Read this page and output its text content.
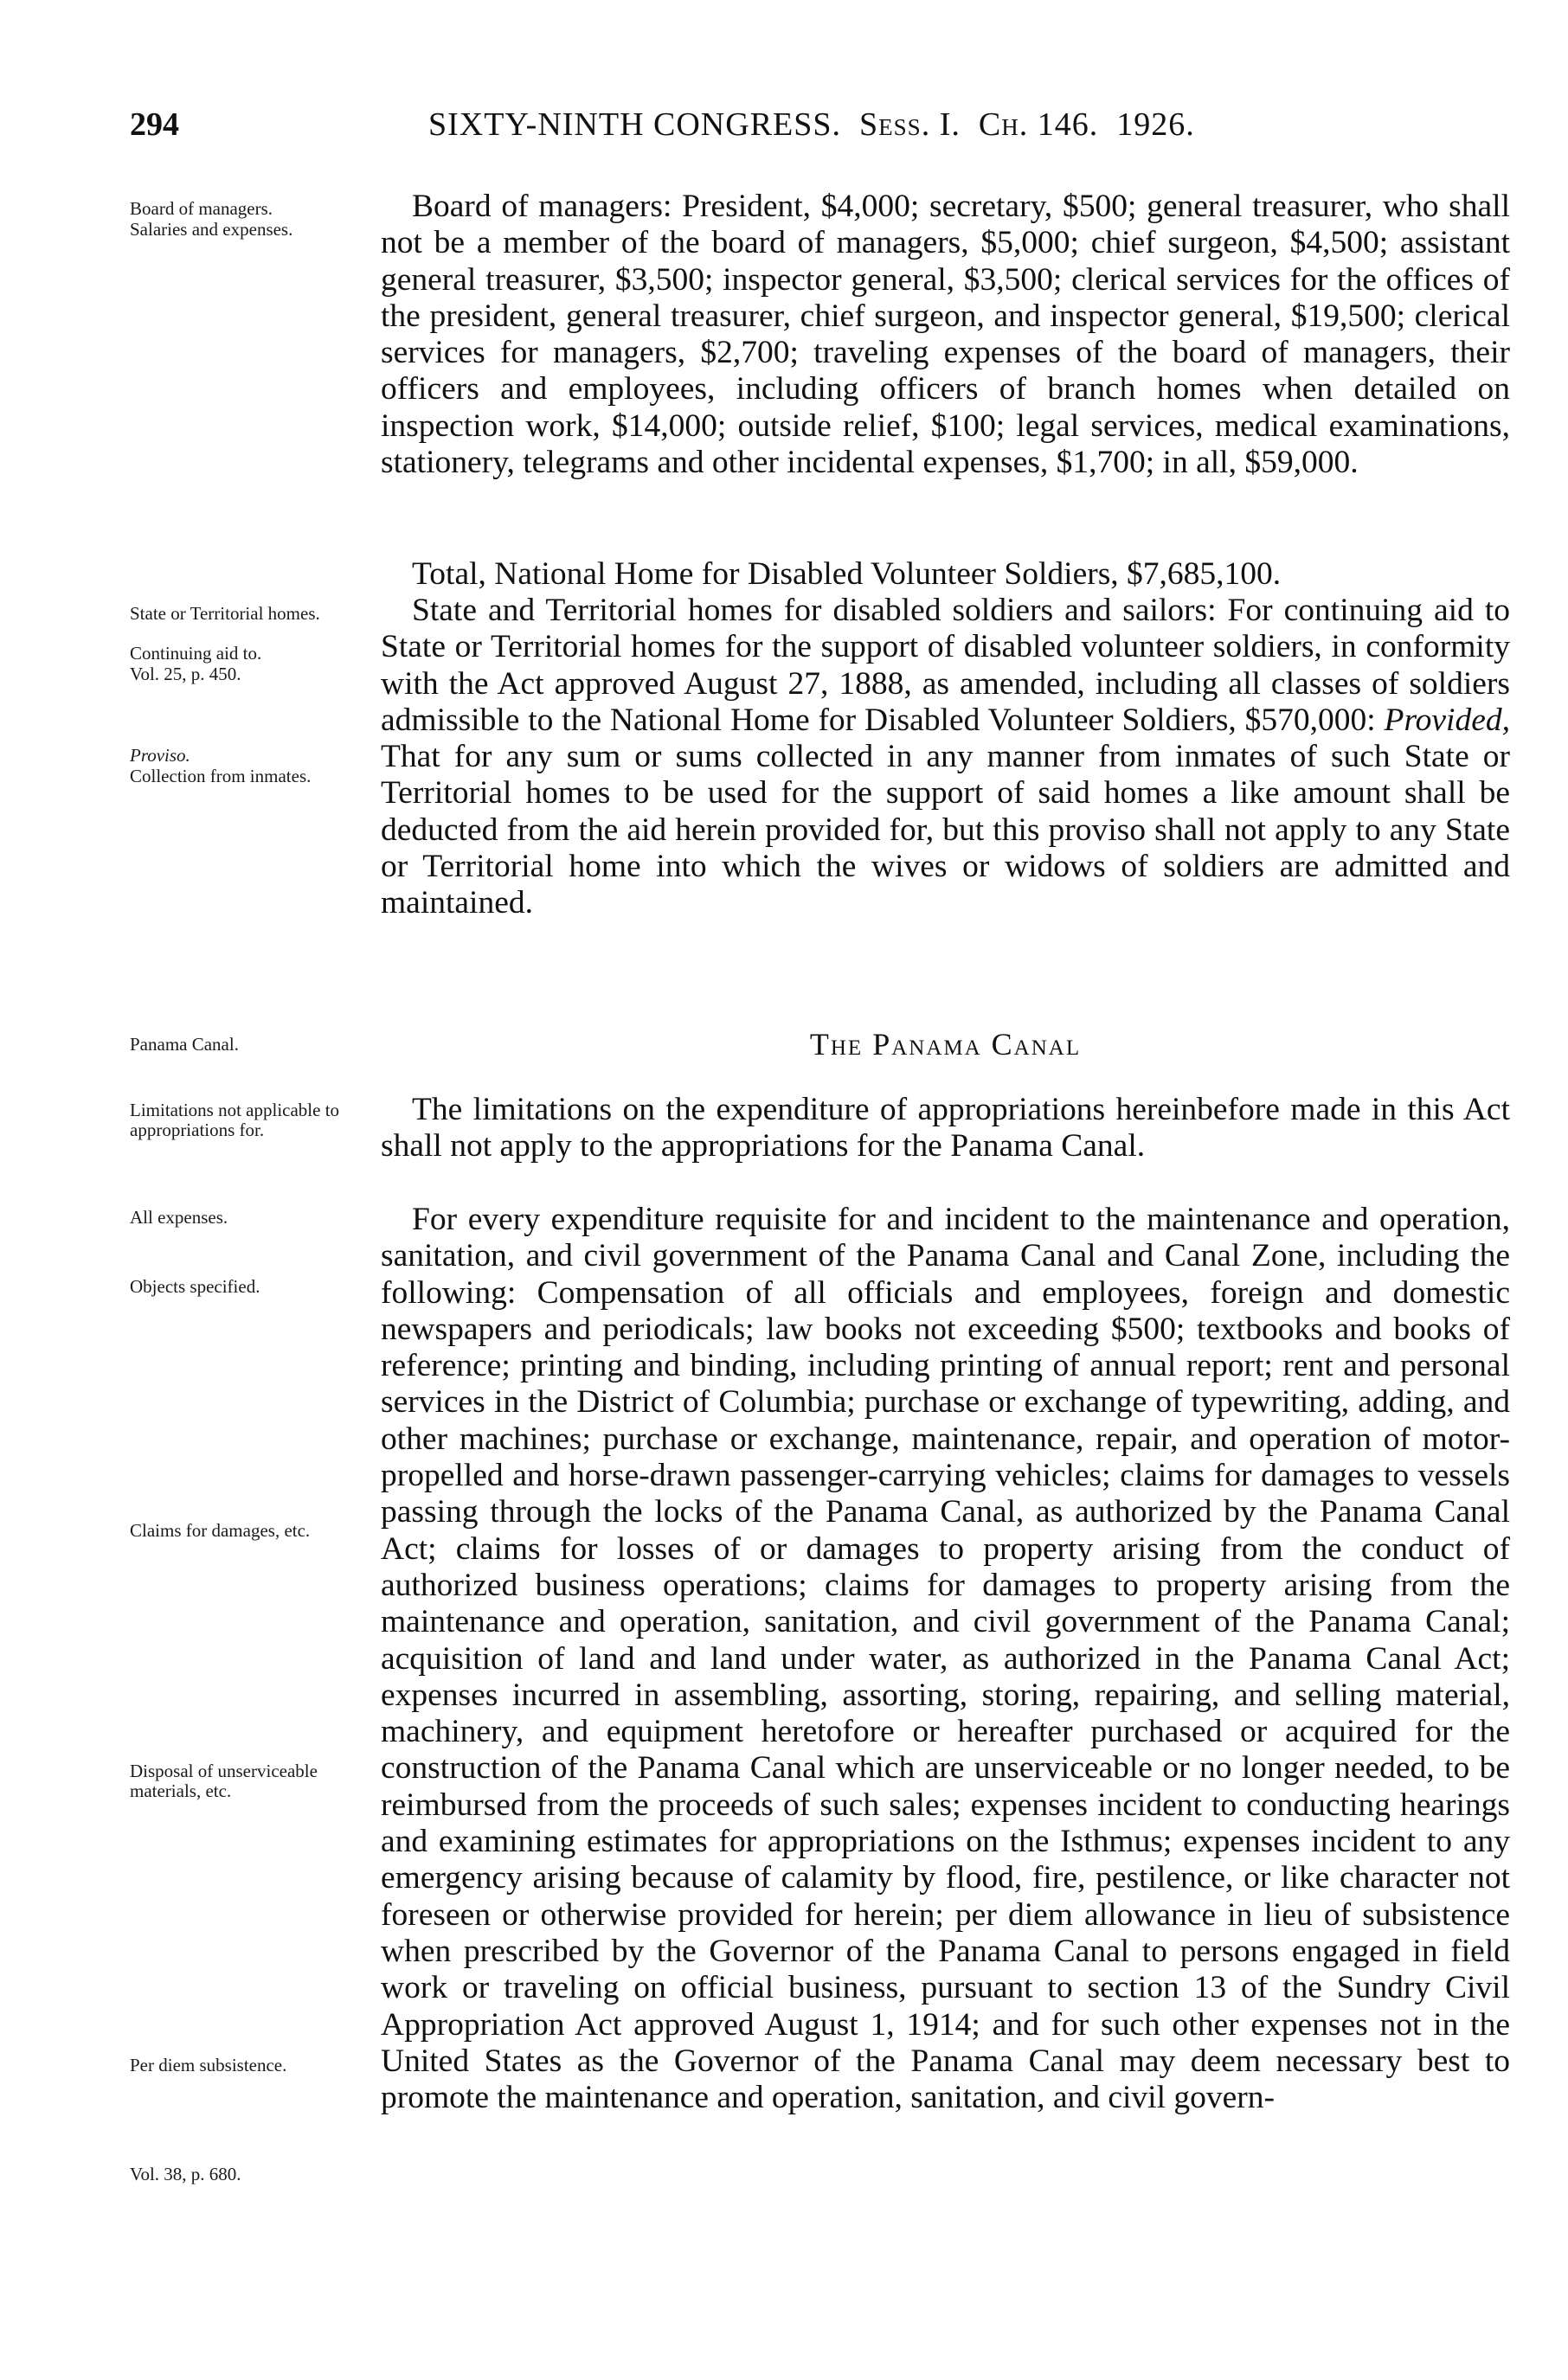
294	SIXTY-NINTH CONGRESS. Sess. I. Ch. 146. 1926.
Board of managers.
Salaries and expenses.
State or Territorial homes.
Continuing aid to.
Vol. 25, p. 450.
Proviso.
Collection from inmates.
Panama Canal.
Limitations not applicable to appropriations for.
All expenses.
Objects specified.
Claims for damages, etc.
Disposal of unserviceable materials, etc.
Per diem subsistence.
Vol. 38, p. 680.

Board of managers: President, $4,000; secretary, $500; general treasurer, who shall not be a member of the board of managers, $5,000; chief surgeon, $4,500; assistant general treasurer, $3,500; inspector general, $3,500; clerical services for the offices of the president, general treasurer, chief surgeon, and inspector general, $19,500; clerical services for managers, $2,700; traveling expenses of the board of managers, their officers and employees, including officers of branch homes when detailed on inspection work, $14,000; outside relief, $100; legal services, medical examinations, stationery, telegrams and other incidental expenses, $1,700; in all, $59,000.

Total, National Home for Disabled Volunteer Soldiers, $7,685,100.

State and Territorial homes for disabled soldiers and sailors: For continuing aid to State or Territorial homes for the support of disabled volunteer soldiers, in conformity with the Act approved August 27, 1888, as amended, including all classes of soldiers admissible to the National Home for Disabled Volunteer Soldiers, $570,000: Provided, That for any sum or sums collected in any manner from inmates of such State or Territorial homes to be used for the support of said homes a like amount shall be deducted from the aid herein provided for, but this proviso shall not apply to any State or Territorial home into which the wives or widows of soldiers are admitted and maintained.

The Panama Canal

The limitations on the expenditure of appropriations hereinbefore made in this Act shall not apply to the appropriations for the Panama Canal.

For every expenditure requisite for and incident to the maintenance and operation, sanitation, and civil government of the Panama Canal and Canal Zone, including the following: Compensation of all officials and employees, foreign and domestic newspapers and periodicals; law books not exceeding $500; textbooks and books of reference; printing and binding, including printing of annual report; rent and personal services in the District of Columbia; purchase or exchange of typewriting, adding, and other machines; purchase or exchange, maintenance, repair, and operation of motor-propelled and horse-drawn passenger-carrying vehicles; claims for damages to vessels passing through the locks of the Panama Canal, as authorized by the Panama Canal Act; claims for losses of or damages to property arising from the conduct of authorized business operations; claims for damages to property arising from the maintenance and operation, sanitation, and civil government of the Panama Canal; acquisition of land and land under water, as authorized in the Panama Canal Act; expenses incurred in assembling, assorting, storing, repairing, and selling material, machinery, and equipment heretofore or hereafter purchased or acquired for the construction of the Panama Canal which are unserviceable or no longer needed, to be reimbursed from the proceeds of such sales; expenses incident to conducting hearings and examining estimates for appropriations on the Isthmus; expenses incident to any emergency arising because of calamity by flood, fire, pestilence, or like character not foreseen or otherwise provided for herein; per diem allowance in lieu of subsistence when prescribed by the Governor of the Panama Canal to persons engaged in field work or traveling on official business, pursuant to section 13 of the Sundry Civil Appropriation Act approved August 1, 1914; and for such other expenses not in the United States as the Governor of the Panama Canal may deem necessary best to promote the maintenance and operation, sanitation, and civil govern-
